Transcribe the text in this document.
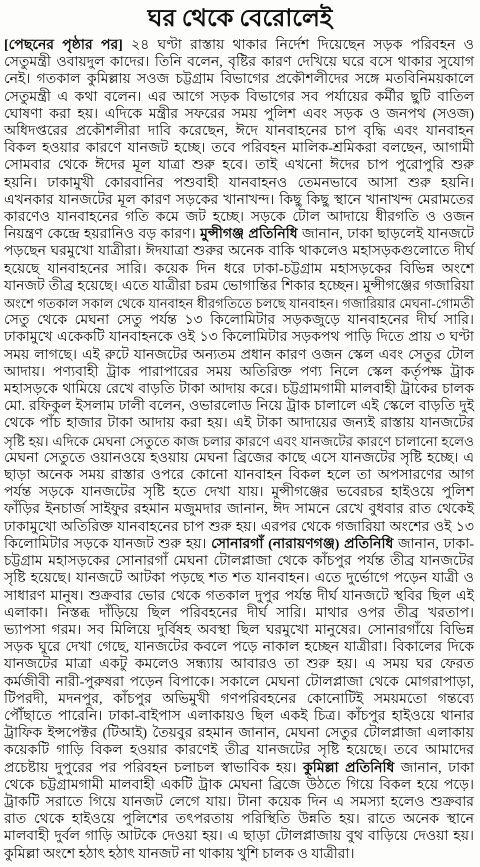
ঘর থেকে বেরোলেই
[পেছনের পৃষ্ঠার পর] ২৪ ঘণ্টা রাস্তায় থাকার নির্দেশ দিয়েছেন সড়ক পরিবহন ও
সেতুমন্ত্রী ওবায়দুল কাদের। তিনি বলেন, বৃষ্টির কারণ দেখিয়ে ঘরে বসে থাকার সুযোগ
নেই। গতকাল কুমিল্লায় সওজ চট্টগ্রাম বিভাগের প্রকৌশলীদের সঙ্গে মতবিনিময়কালে
সেতুমন্ত্রী এ কথা বলেন। এর আগে সড়ক বিভাগের সব পর্যায়ের কর্মীর ছুটি বাতিল
ঘোষণা করা হয়। এদিকে মন্ত্রীর সফরের সময় পুলিশ এবং সড়ক ও জনপথ (সওজ)
অধিদপ্তরের প্রকৌশলীরা দাবি করেছেন, ঈদে যানবাহনের চাপ বৃদ্ধি এবং যানবাহন
বিকল হওয়ার কারণে যানজট হচ্ছে। তবে পরিবহন মালিক-শ্রমিকরা বলছেন, আগামী
সোমবার থেকে ঈদের মূল যাত্রা শুরু হবে। তাই এখনো ঈদের চাপ পুরোপুরি শুরু
হয়নি। ঢাকামুখী কোরবানির পশুবাহী যানবাহনও তেমনভাবে আসা শুরু হয়নি।
এখনকার যানজটের মূল কারণ সড়কের খানাখন্দ। কিছু কিছু স্থানে খানাখন্দ মেরামতের
কারণেও যানবাহনের গতি কমে জট হচ্ছে। সড়কে টোল আদায়ে ধীরগতি ও ওজন
নিয়ন্ত্রণ কেন্দ্রে হয়রানিও বড় কারণ। মুন্সীগঞ্জ প্রতিনিধি জানান, ঢাকা ছাড়লেই যানজটে
পড়ছেন ঘরমুখো যাত্রীরা। ঈদযাত্রা শুরুর অনেক বাকি থাকলেও মহাসড়কগুলোতে দীর্ঘ
হয়েছে যানবাহনের সারি। কয়েক দিন ধরে ঢাকা-চট্টগ্রাম মহাসড়কের বিভিন্ন অংশে
যানজট তীব্র হয়েছে। এতে যাত্রীরা চরম ভোগান্তির শিকার হচ্ছেন। মুন্সীগঞ্জের গজারিয়া
অংশে গতকাল সকাল থেকে যানবাহন ধীরগতিতে চলছে যানবাহন। গজারিয়ার মেঘনা-গোমতী
সেতু থেকে মেঘনা সেতু পর্যন্ত ১৩ কিলোমিটার সড়কজুড়ে যানবাহনের দীর্ঘ সারি।
ঢাকামুখে একেকটি যানবাহনকে ওই ১৩ কিলোমিটার সড়কপথ পাড়ি দিতে প্রায় ৩ ঘণ্টা
সময় লাগছে। এই রুটে যানজটের অন্যতম প্রধান কারণ ওজন স্কেল এবং সেতুর টোল
আদায়। পণ্যবাহী ট্রাক পারাপারের সময় অতিরিক্ত পণ্য নিলে স্কেল কর্তৃপক্ষ ট্রাক
মহাসড়কে থামিয়ে রেখে বাড়তি টাকা আদায় করে। চট্টগ্রামগামী মালবাহী ট্রাকের চালক
মো. রফিকুল ইসলাম ঢালী বলেন, ওভারলোড নিয়ে ট্রাক চালালে এই স্কেলে বাড়তি দুই
থেকে পাঁচ হাজার টাকা আদায় করা হয়। এই টাকা আদায়ের জন্যই রাস্তায় যানজটের
সৃষ্টি হয়। এদিকে মেঘনা সেতুতে কাজ চলার কারণে এবং যানজটের কারণে চালানো হলেও
মেঘনা সেতুতে ওয়ানওয়ে হওয়ায় মেঘনা ব্রিজের কাছে এসে যানজটের সৃষ্টি হচ্ছে। এ
ছাড়া অনেক সময় রাস্তার ওপরে কোনো যানবাহন বিকল হলে তা অপসারণের আগ
পর্যন্ত সড়কে যানজটের সৃষ্টি হতে দেখা যায়। মুন্সীগঞ্জের ভবেরচর হাইওয়ে পুলিশ
ফাঁড়ির ইনচার্জ সাইফুর রহমান মজুমদার জানান, ঈদ সামনে রেখে বুধবার রাত থেকেই
ঢাকামুখো অতিরিক্ত যানবাহনের চাপ শুরু হয়। এরপর থেকে গজারিয়া অংশের ওই ১৩
কিলোমিটার সড়কে যানজট শুরু হয়। সোনারগাঁ (নারায়ণগঞ্জ) প্রতিনিধি জানান, ঢাকা-
চট্টগ্রাম মহাসড়কের সোনারগাঁ মেঘনা টোলপ্লাজা থেকে কাঁচপুর পর্যন্ত তীব্র যানজটের
সৃষ্টি হয়েছে। যানজটে আটকা পড়ছে শত শত যানবাহন। এতে দুর্ভোগে পড়েন যাত্রী ও
সাধারণ মানুষ। শুক্রবার ভোর থেকে গতকাল দুপুর পর্যন্ত দীর্ঘ যানজটে স্থবির ছিল এই
এলাকা। নিস্তব্ধ দাঁড়িয়ে ছিল পরিবহনের দীর্ঘ সারি। মাথার ওপর তীব্র খরতাপ।
ভ্যাপসা গরম। সব মিলিয়ে দুর্বিষহ অবস্থা ছিল ঘরমুখো মানুষের। সোনারগাঁয়ে বিভিন্ন
সড়ক ঘুরে দেখা গেছে, যানজটের কবলে পড়ে নাকাল হচ্ছেন যাত্রীরা। বিকালের দিকে
যানজটের মাত্রা একটু কমলেও সন্ধ্যায় আবারও তা শুরু হয়। এ সময় ঘর ফেরত
কর্মজীবী নারী-পুরুষরা পড়েন বিপাকে। সকালে মেঘনা টোলপ্লাজা থেকে মোগরাপাড়া,
টিপরদী, মদনপুর, কাঁচপুর অভিমুখী গণপরিবহনের কোনোটিই সময়মতো গন্তব্যে
পৌঁছাতে পারেনি। ঢাকা-বাইপাস এলাকায়ও ছিল একই চিত্র। কাঁচপুর হাইওয়ে থানার
ট্রাফিক ইন্সপেক্টর (টিআই) তৈয়বুর রহমান জানান, মেঘনা সেতুর টোলপ্লাজা এলাকায়
কয়েকটি গাড়ি বিকল হওয়ার কারণেই তীব্র যানজটের সৃষ্টি হয়েছে। তবে আমাদের
প্রচেষ্টায় দুপুরের পর পরিবহন চলাচল স্বাভাবিক হয়। কুমিল্লা প্রতিনিধি জানান, ঢাকা
থেকে চট্টগ্রামগামী মালবাহী একটি ট্রাক মেঘনা ব্রিজে উঠতে গিয়ে বিকল হয়ে পড়ে।
ট্রাকটি সরাতে গিয়ে যানজট লেগে যায়। টানা কয়েক দিন এ সমস্যা হলেও শুক্রবার
রাত থেকে হাইওয়ে পুলিশের তৎপরতায় পরিস্থিতি উন্নতি হয়। রাতে অনেক স্থানে
মালবাহী দুর্বল গাড়ি আটকে দেওয়া হয়। এ ছাড়া টোলপ্লাজায় বুথ বাড়িয়ে দেওয়া হয়।
কুমিল্লা অংশে হঠাৎ হঠাৎ যানজট না থাকায় খুশি চালক ও যাত্রীরা।
